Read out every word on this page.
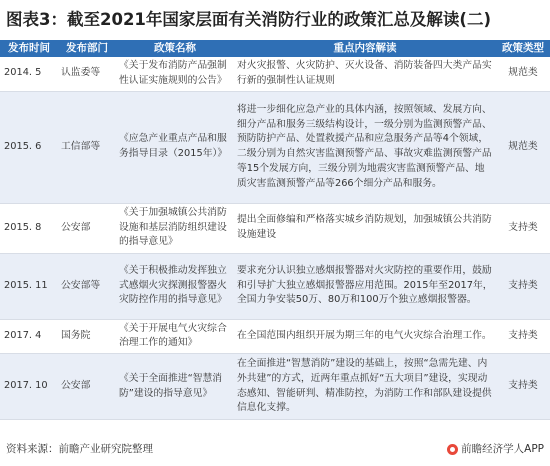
图表3：截至2021年国家层面有关消防行业的政策汇总及解读(二)
发布时间	发布部门	政策名称	重点内容解读	政策类型
2014. 5	认监委等	《关于发布消防产品强制性认证实施规则的公告》	对火灾报警、火灾防护、灭火设备、消防装备四大类产品实行新的强制性认证规则	规范类
2015. 6	工信部等	《应急产业重点产品和服务指导目录（2015年）》	将进一步细化应急产业的具体内涵，按照领域、发展方向、细分产品和服务三级结构设计，一级分别为监测预警产品、预防防护产品、处置救援产品和应急服务产品等4个领域，二级分别为自然灾害监测预警产品、事故灾难监测预警产品等15个发展方向，三级分别为地震灾害监测预警产品、地质灾害监测预警产品等266个细分产品和服务。	规范类
2015. 8	公安部	《关于加强城镇公共消防设施和基层消防组织建设的指导意见》	提出全面修编和严格落实城乡消防规划，加强城镇公共消防设施建设	支持类
2015. 11	公安部等	《关于积极推动发挥独立式感烟火灾探测报警器火灾防控作用的指导意见》	要求充分认识独立感烟报警器对火灾防控的重要作用，鼓励和引导扩大独立感烟报警器应用范围。2015年至2017年，全国力争安装50万、80万和100万个独立感烟报警器。	支持类
2017. 4	国务院	《关于开展电气火灾综合治理工作的通知》	在全国范围内组织开展为期三年的电气火灾综合治理工作。	支持类
2017. 10	公安部	《关于全面推进“智慧消防”建设的指导意见》	在全面推进“智慧消防”建设的基础上，按照“急需先建、内外共建”的方式，近两年重点抓好“五大项目”建设，实现动态感知、智能研判、精准防控，为消防工作和部队建设提供信息化支撑。	支持类
资料来源：前瞻产业研究院整理	前瞻经济学人APP
